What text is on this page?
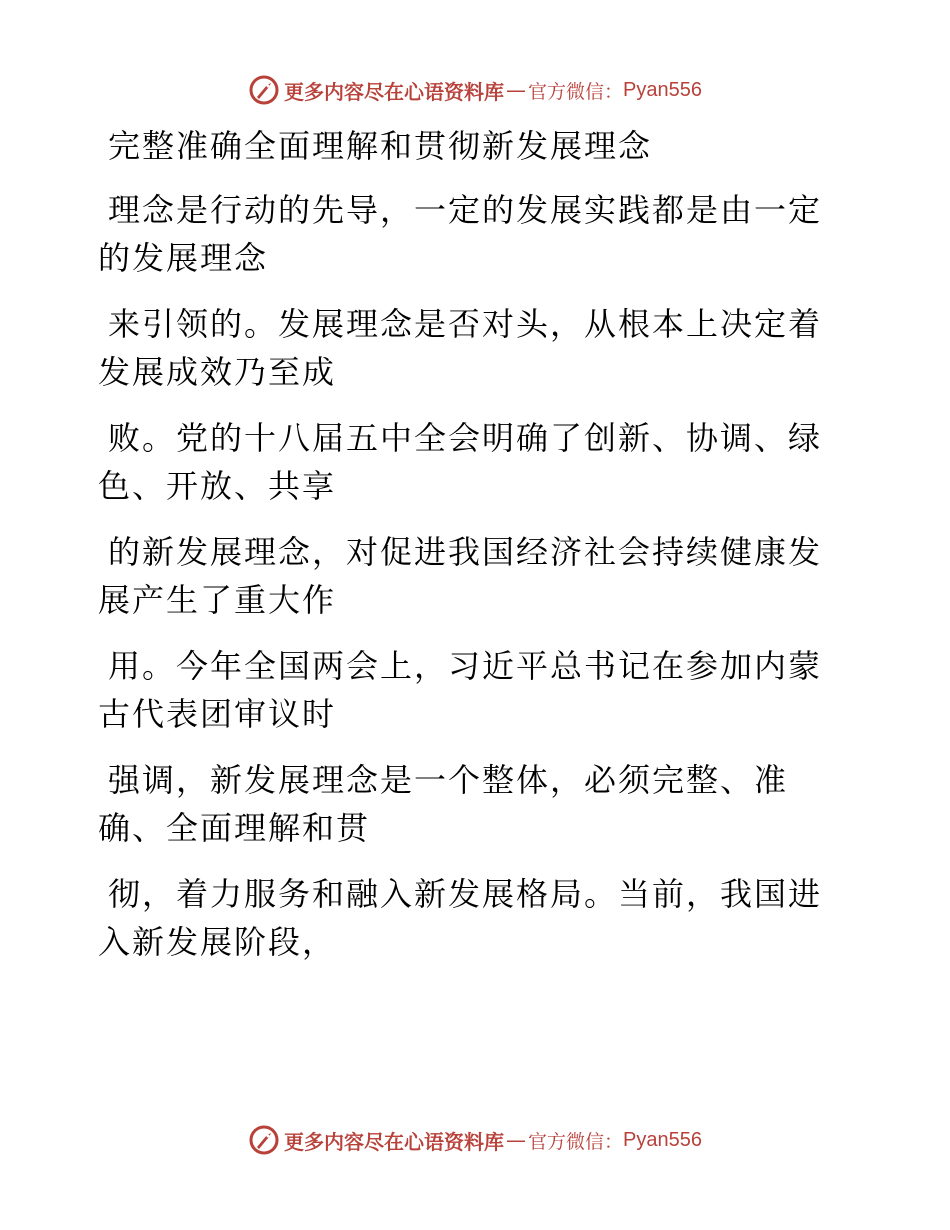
更多内容尽在心语资料库 — 官方微信： Pyan556
完整准确全面理解和贯彻新发展理念
理念是行动的先导，一定的发展实践都是由一定
的发展理念
来引领的。发展理念是否对头，从根本上决定着
发展成效乃至成
败。党的十八届五中全会明确了创新、协调、绿
色、开放、共享
的新发展理念，对促进我国经济社会持续健康发
展产生了重大作
用。今年全国两会上，习近平总书记在参加内蒙
古代表团审议时
强调，新发展理念是一个整体，必须完整、准
确、全面理解和贯
彻，着力服务和融入新发展格局。当前，我国进
入新发展阶段，
更多内容尽在心语资料库 — 官方微信： Pyan556
